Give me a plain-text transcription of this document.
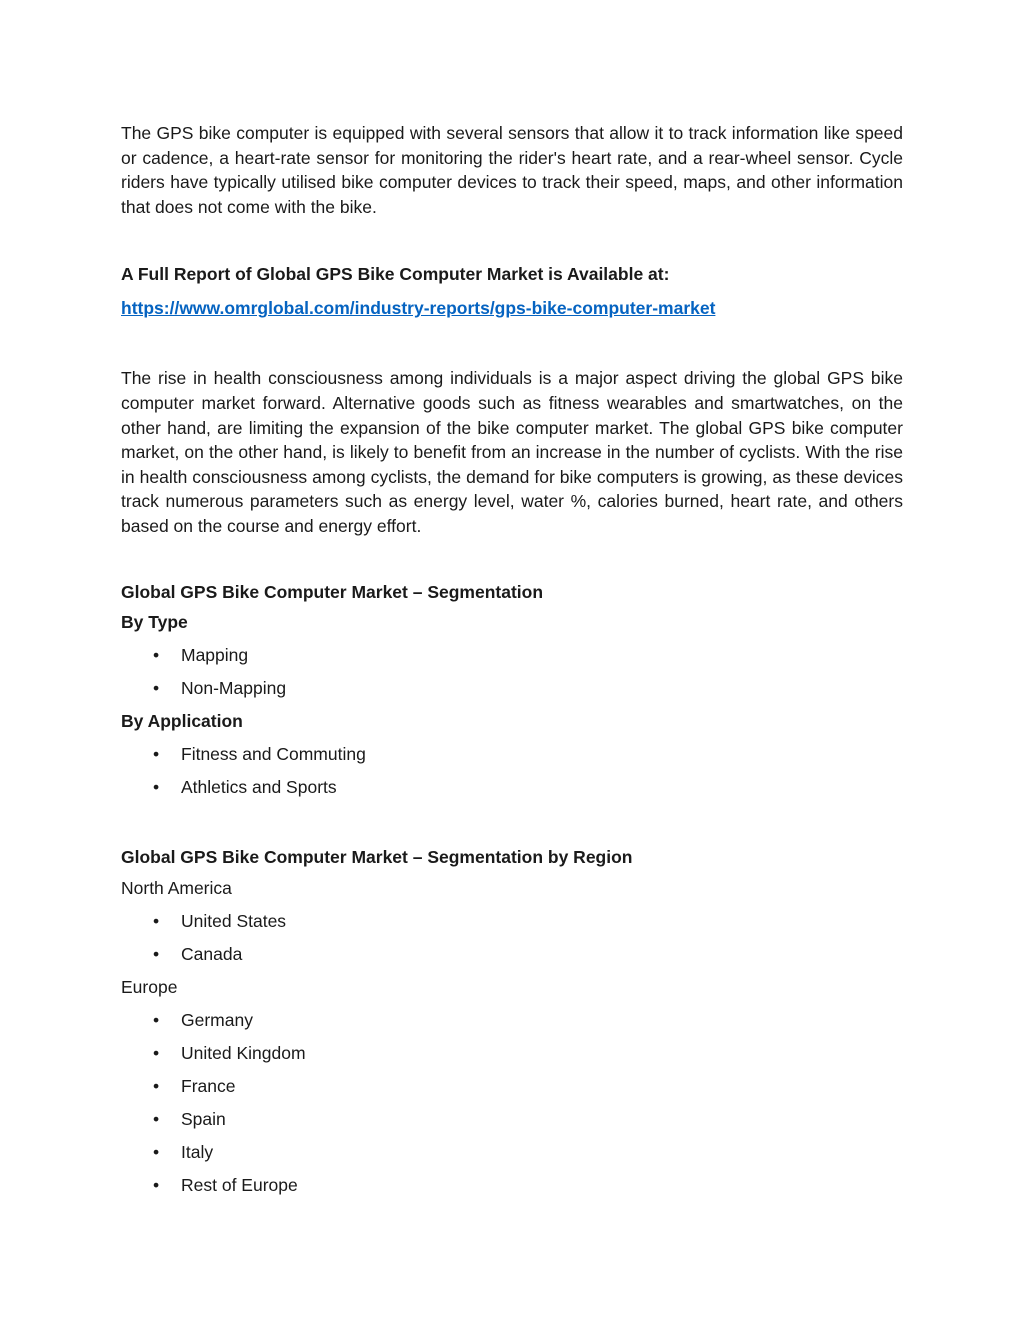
The GPS bike computer is equipped with several sensors that allow it to track information like speed or cadence, a heart-rate sensor for monitoring the rider's heart rate, and a rear-wheel sensor. Cycle riders have typically utilised bike computer devices to track their speed, maps, and other information that does not come with the bike.

A Full Report of Global GPS Bike Computer Market is Available at:

https://www.omrglobal.com/industry-reports/gps-bike-computer-market

The rise in health consciousness among individuals is a major aspect driving the global GPS bike computer market forward. Alternative goods such as fitness wearables and smartwatches, on the other hand, are limiting the expansion of the bike computer market. The global GPS bike computer market, on the other hand, is likely to benefit from an increase in the number of cyclists. With the rise in health consciousness among cyclists, the demand for bike computers is growing, as these devices track numerous parameters such as energy level, water %, calories burned, heart rate, and others based on the course and energy effort.

Global GPS Bike Computer Market – Segmentation

By Type

• Mapping
• Non-Mapping

By Application

• Fitness and Commuting
• Athletics and Sports

Global GPS Bike Computer Market – Segmentation by Region

North America

• United States
• Canada

Europe

• Germany
• United Kingdom
• France
• Spain
• Italy
• Rest of Europe
